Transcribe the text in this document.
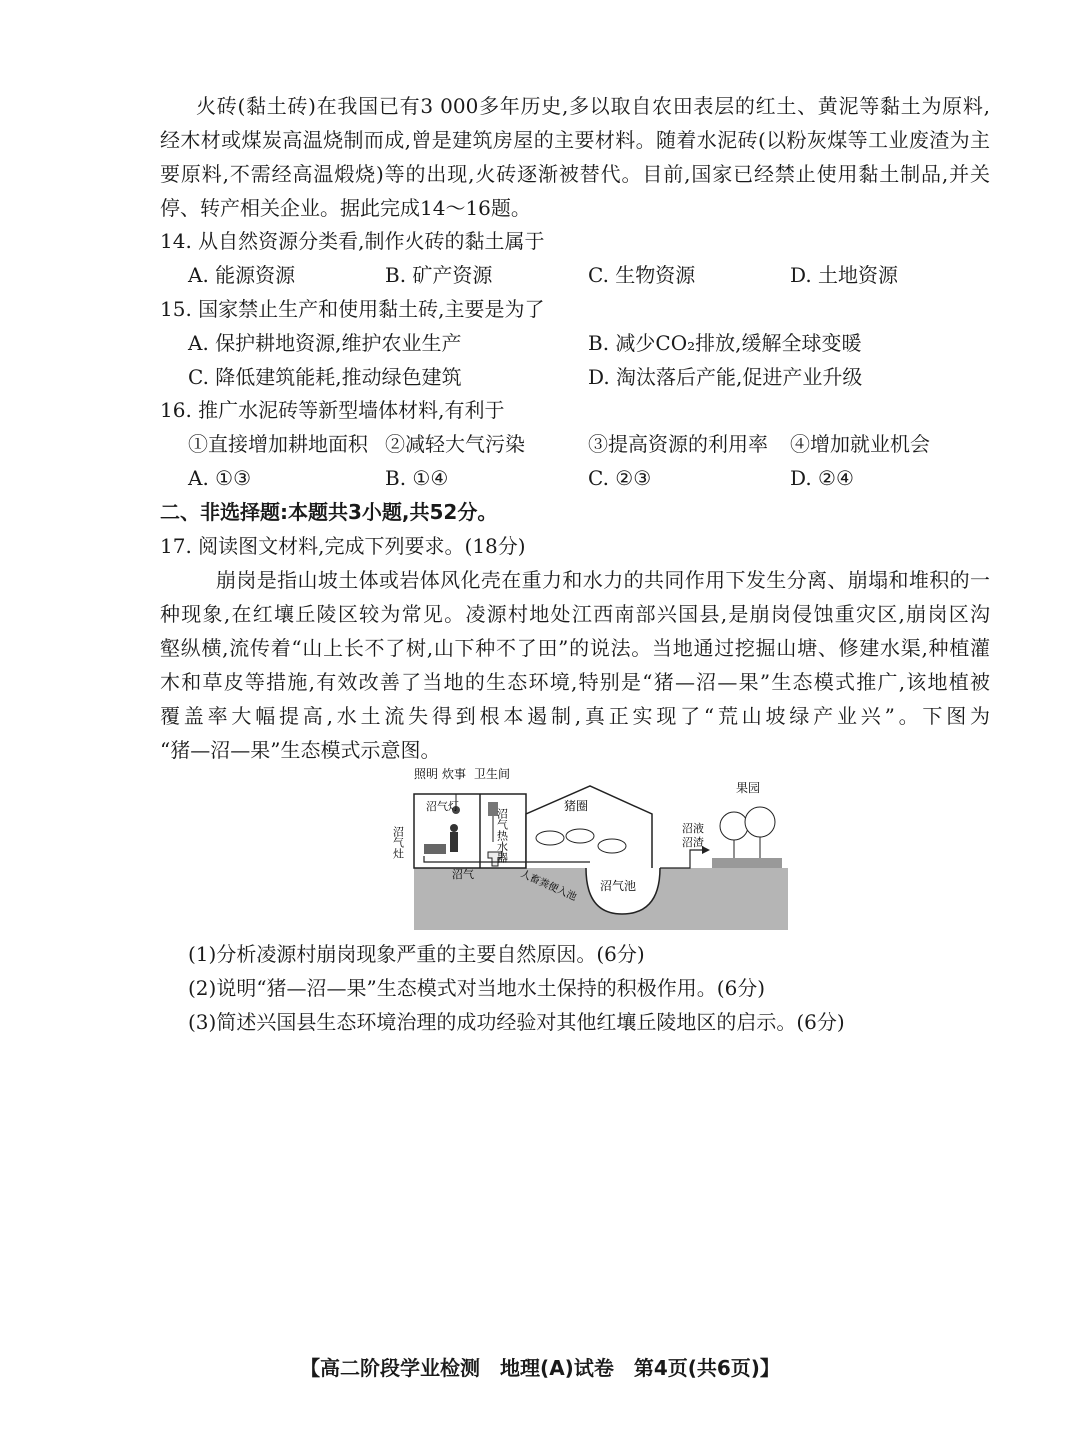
火砖(黏土砖)在我国已有3 000多年历史,多以取自农田表层的红土、黄泥等黏土为原料,
经木材或煤炭高温烧制而成,曾是建筑房屋的主要材料。随着水泥砖(以粉灰煤等工业废渣为主
要原料,不需经高温煅烧)等的出现,火砖逐渐被替代。目前,国家已经禁止使用黏土制品,并关
停、转产相关企业。据此完成14～16题。
14. 从自然资源分类看,制作火砖的黏土属于
A. 能源资源	B. 矿产资源	C. 生物资源	D. 土地资源
15. 国家禁止生产和使用黏土砖,主要是为了
A. 保护耕地资源,维护农业生产	B. 减少CO₂排放,缓解全球变暖
C. 降低建筑能耗,推动绿色建筑	D. 淘汰落后产能,促进产业升级
16. 推广水泥砖等新型墙体材料,有利于
①直接增加耕地面积 ②减轻大气污染	③提高资源的利用率 ④增加就业机会
A. ①③	B. ①④	C. ②③	D. ②④
二、非选择题:本题共3小题,共52分。
17. 阅读图文材料,完成下列要求。(18分)
崩岗是指山坡土体或岩体风化壳在重力和水力的共同作用下发生分离、崩塌和堆积的一
种现象,在红壤丘陵区较为常见。凌源村地处江西南部兴国县,是崩岗侵蚀重灾区,崩岗区沟
壑纵横,流传着“山上长不了树,山下种不了田”的说法。当地通过挖掘山塘、修建水渠,种植灌
木和草皮等措施,有效改善了当地的生态环境,特别是“猪—沼—果”生态模式推广,该地植被
覆盖率大幅提高,水土流失得到根本遏制,真正实现了“荒山坡绿产业兴”。下图为
“猪—沼—果”生态模式示意图。
照明 炊事 卫生间
沼气灯
沼气热水器
沼气灶
猪圈
果园
沼液
沼渣
沼气	人畜粪便入池 沼气池
(1)分析凌源村崩岗现象严重的主要自然原因。(6分)
(2)说明“猪—沼—果”生态模式对当地水土保持的积极作用。(6分)
(3)简述兴国县生态环境治理的成功经验对其他红壤丘陵地区的启示。(6分)
【高二阶段学业检测　地理(A)试卷　第4页(共6页)】
